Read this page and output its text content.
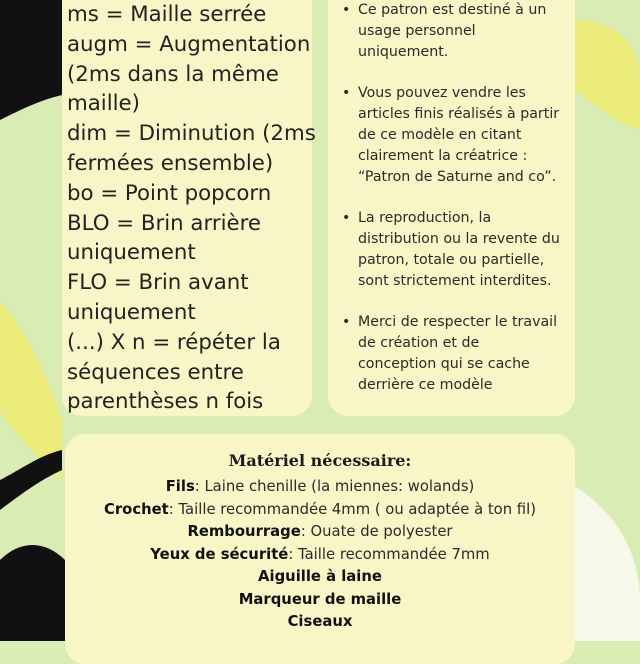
ms = Maille serrée
augm = Augmentation
(2ms dans la même
maille)
dim = Diminution (2ms
fermées ensemble)
bo = Point popcorn
BLO = Brin arrière
uniquement
FLO = Brin avant
uniquement
(...) X n = répéter la
séquences entre
parenthèses n fois
• Ce patron est destiné à un usage personnel uniquement.
• Vous pouvez vendre les articles finis réalisés à partir de ce modèle en citant clairement la créatrice : “Patron de Saturne and co”.
• La reproduction, la distribution ou la revente du patron, totale ou partielle, sont strictement interdites.
• Merci de respecter le travail de création et de conception qui se cache derrière ce modèle
Matériel nécessaire:
Fils: Laine chenille (la miennes: wolands)
Crochet: Taille recommandée 4mm ( ou adaptée à ton fil)
Rembourrage: Ouate de polyester
Yeux de sécurité: Taille recommandée 7mm
Aiguille à laine
Marqueur de maille
Ciseaux
